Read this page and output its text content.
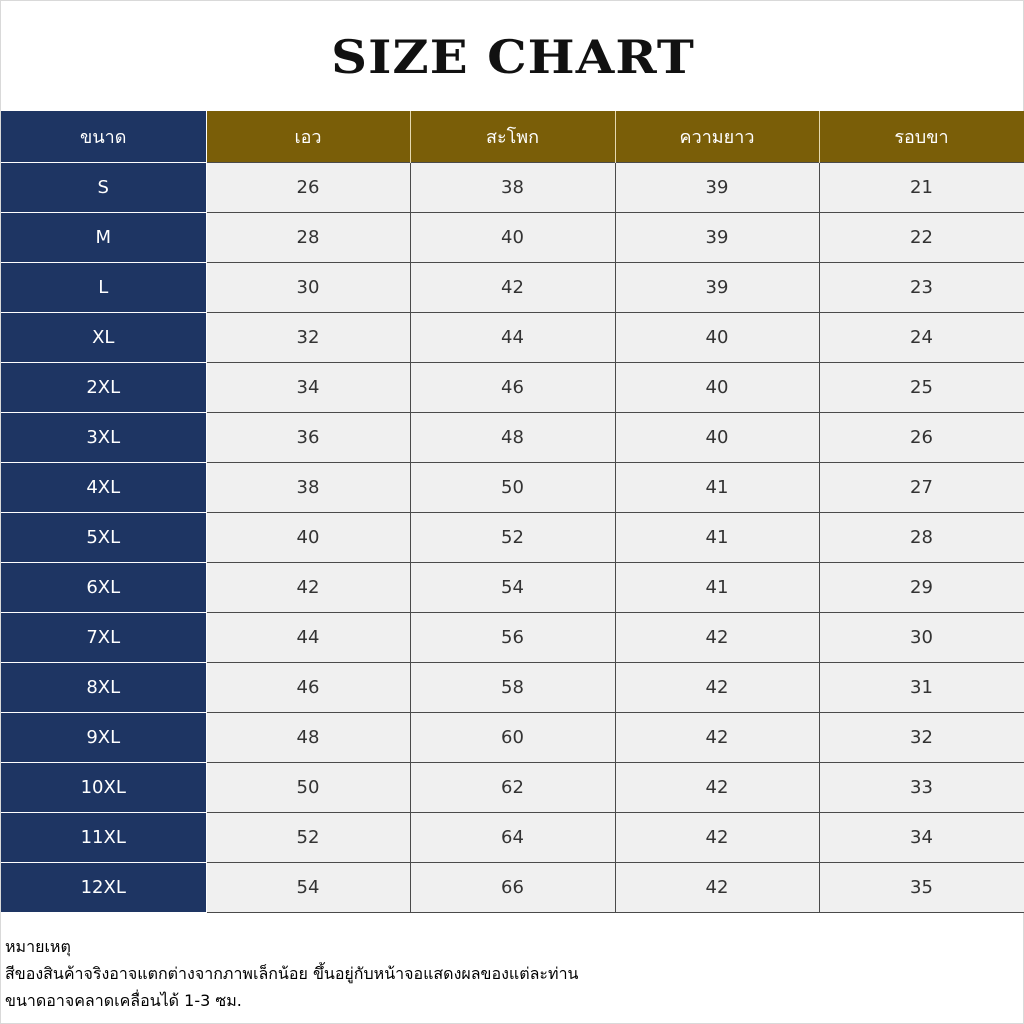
SIZE CHART
ขนาด	เอว	สะโพก	ความยาว	รอบขา
S	26	38	39	21
M	28	40	39	22
L	30	42	39	23
XL	32	44	40	24
2XL	34	46	40	25
3XL	36	48	40	26
4XL	38	50	41	27
5XL	40	52	41	28
6XL	42	54	41	29
7XL	44	56	42	30
8XL	46	58	42	31
9XL	48	60	42	32
10XL	50	62	42	33
11XL	52	64	42	34
12XL	54	66	42	35
หมายเหตุ
สีของสินค้าจริงอาจแตกต่างจากภาพเล็กน้อย ขึ้นอยู่กับหน้าจอแสดงผลของแต่ละท่าน
ขนาดอาจคลาดเคลื่อนได้ 1-3 ซม.
